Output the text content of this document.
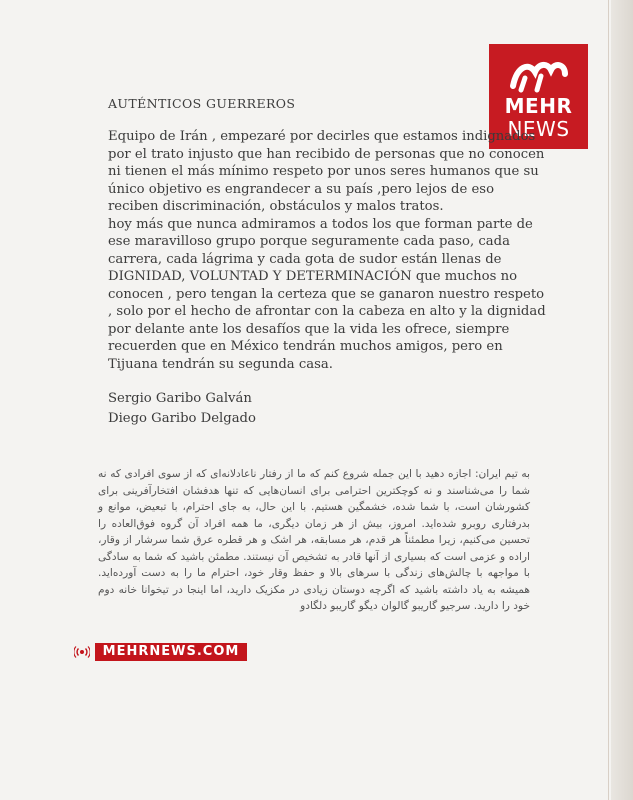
MEHR
NEWS
AUTÉNTICOS GUERREROS

Equipo de Irán , empezaré por decirles que estamos indignados por el trato injusto que han recibido de personas que no conocen ni tienen el más mínimo respeto por unos seres humanos que su único objetivo es engrandecer a su país ,pero lejos de eso reciben discriminación, obstáculos y malos tratos.

hoy más que nunca admiramos a todos los que forman parte de ese maravilloso grupo porque seguramente cada paso, cada carrera, cada lágrima y cada gota de sudor están llenas de DIGNIDAD, VOLUNTAD Y DETERMINACIÓN que muchos no conocen , pero tengan la certeza que se ganaron nuestro respeto , solo por el hecho de afrontar con la cabeza en alto y la dignidad por delante ante los desafíos que la vida les ofrece, siempre recuerden que en México tendrán muchos amigos, pero en Tijuana tendrán su segunda casa.

Sergio Garibo Galván
Diego Garibo Delgado

به تیم ایران: اجازه دهید با این جمله شروع کنم که ما از رفتار ناعادلانه‌ای که از سوی افرادی که نه شما را می‌شناسند و نه کوچکترین احترامی برای انسان‌هایی که تنها هدفشان افتخارآفرینی برای کشورشان است، با شما شده، خشمگین هستیم. با این حال، به جای احترام، با تبعیض، موانع و بدرفتاری روبرو شده‌اید. امروز، بیش از هر زمان دیگری، ما همه افراد آن گروه فوق‌العاده را تحسین می‌کنیم، زیرا مطمئناً هر قدم، هر مسابقه، هر اشک و هر قطره عرق شما سرشار از وقار، اراده و عزمی است که بسیاری از آنها قادر به تشخیص آن نیستند. مطمئن باشید که شما به سادگی با مواجهه با چالش‌های زندگی با سرهای بالا و حفظ وقار خود، احترام ما را به دست آورده‌اید. همیشه به یاد داشته باشید که اگرچه دوستان زیادی در مکزیک دارید، اما اینجا در تیخوانا خانه دوم خود را دارید. سرجیو گاریبو گالوان دیگو گاریبو دلگادو

MEHRNEWS.COM
